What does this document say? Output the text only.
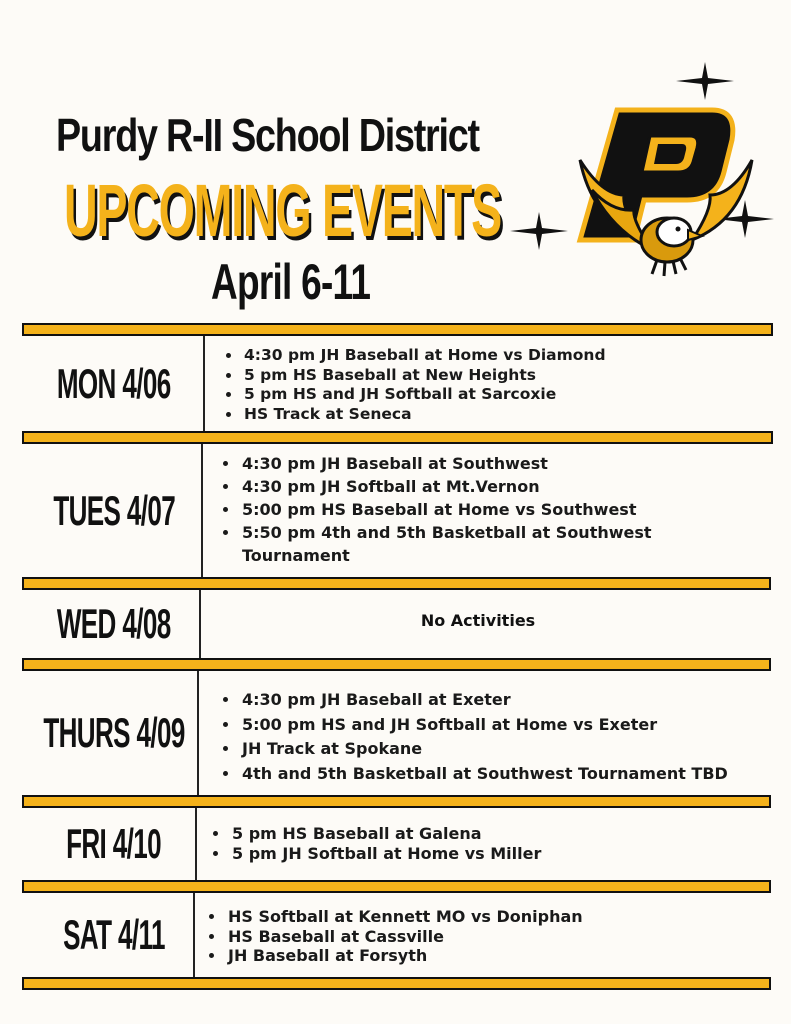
Purdy R-II School District
UPCOMING EVENTS
April 6-11
MON 4/06
• 4:30 pm JH Baseball at Home vs Diamond
• 5 pm HS Baseball at New Heights
• 5 pm HS and JH Softball at Sarcoxie
• HS Track at Seneca
TUES 4/07
• 4:30 pm JH Baseball at Southwest
• 4:30 pm JH Softball at Mt.Vernon
• 5:00 pm HS Baseball at Home vs Southwest
• 5:50 pm 4th and 5th Basketball at Southwest Tournament
WED 4/08	No Activities
THURS 4/09
• 4:30 pm JH Baseball at Exeter
• 5:00 pm HS and JH Softball at Home vs Exeter
• JH Track at Spokane
• 4th and 5th Basketball at Southwest Tournament TBD
FRI 4/10	• 5 pm HS Baseball at Galena
• 5 pm JH Softball at Home vs Miller
SAT 4/11	• HS Softball at Kennett MO vs Doniphan
• HS Baseball at Cassville
• JH Baseball at Forsyth
